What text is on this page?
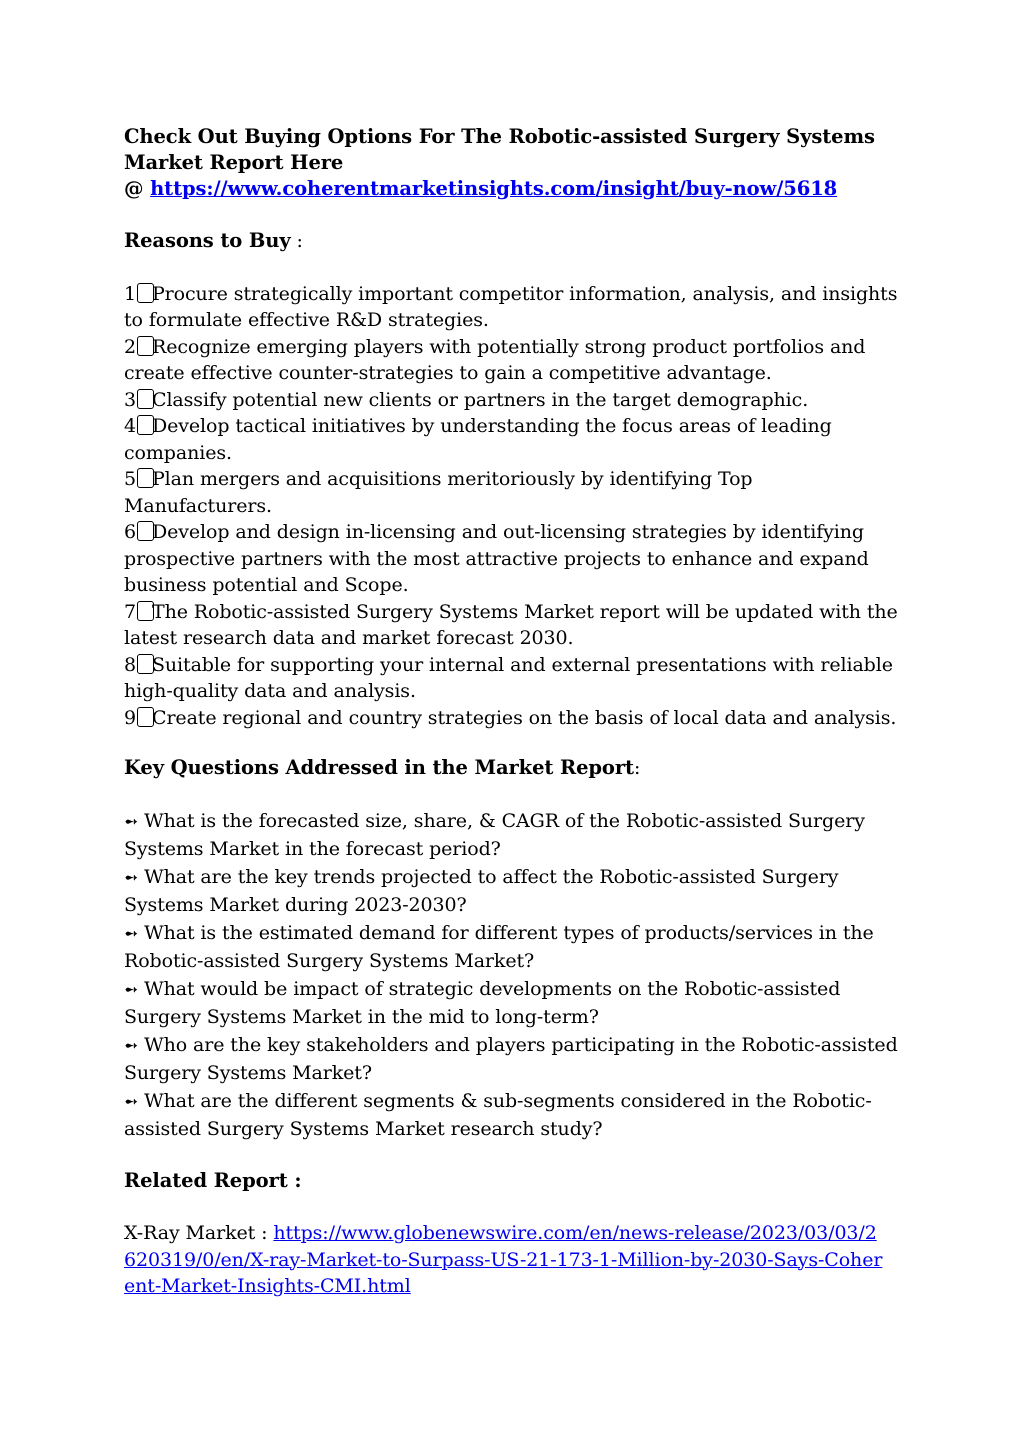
Check Out Buying Options For The Robotic-assisted Surgery Systems
Market Report Here
@ https://www.coherentmarketinsights.com/insight/buy-now/5618
Reasons to Buy :
1 Procure strategically important competitor information, analysis, and insights to formulate effective R&D strategies.
2 Recognize emerging players with potentially strong product portfolios and create effective counter-strategies to gain a competitive advantage.
3 Classify potential new clients or partners in the target demographic.
4 Develop tactical initiatives by understanding the focus areas of leading companies.
5 Plan mergers and acquisitions meritoriously by identifying Top Manufacturers.
6 Develop and design in-licensing and out-licensing strategies by identifying prospective partners with the most attractive projects to enhance and expand business potential and Scope.
7 The Robotic-assisted Surgery Systems Market report will be updated with the latest research data and market forecast 2030.
8 Suitable for supporting your internal and external presentations with reliable high-quality data and analysis.
9 Create regional and country strategies on the basis of local data and analysis.
Key Questions Addressed in the Market Report:
➻ What is the forecasted size, share, & CAGR of the Robotic-assisted Surgery Systems Market in the forecast period?
➻ What are the key trends projected to affect the Robotic-assisted Surgery Systems Market during 2023-2030?
➻ What is the estimated demand for different types of products/services in the Robotic-assisted Surgery Systems Market?
➻ What would be impact of strategic developments on the Robotic-assisted Surgery Systems Market in the mid to long-term?
➻ Who are the key stakeholders and players participating in the Robotic-assisted Surgery Systems Market?
➻ What are the different segments & sub-segments considered in the Robotic-assisted Surgery Systems Market research study?
Related Report :
X-Ray Market : https://www.globenewswire.com/en/news-release/2023/03/03/2620319/0/en/X-ray-Market-to-Surpass-US-21-173-1-Million-by-2030-Says-Coherent-Market-Insights-CMI.html
